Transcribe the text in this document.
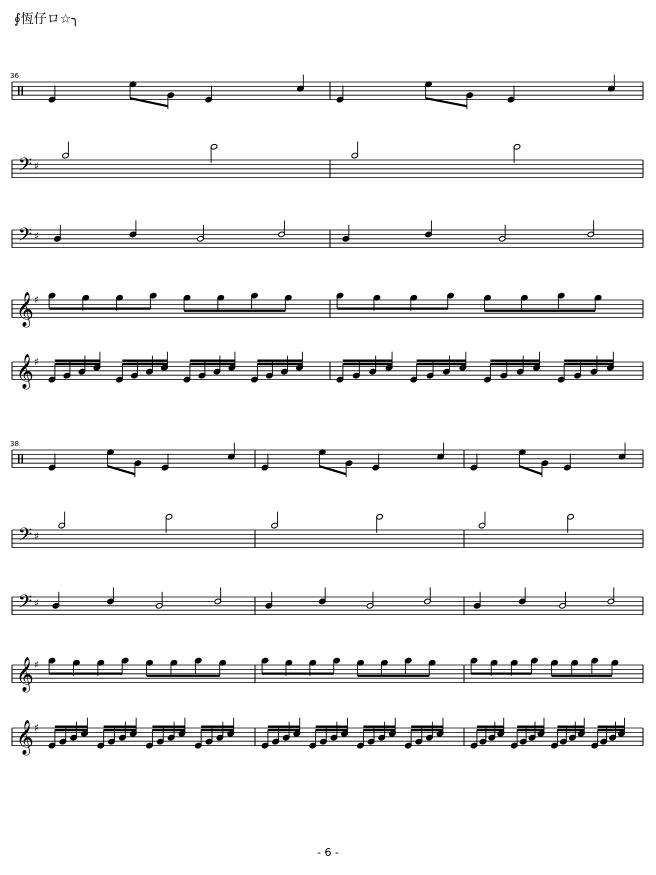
∮恆仔ロ☆╮
36
38
𝄢 ♯
𝄢 ♯
𝄞 ♯
𝄞 ♯
𝄢 ♯
𝄢 ♯
𝄞 ♯
𝄞 ♯
- 6 -
